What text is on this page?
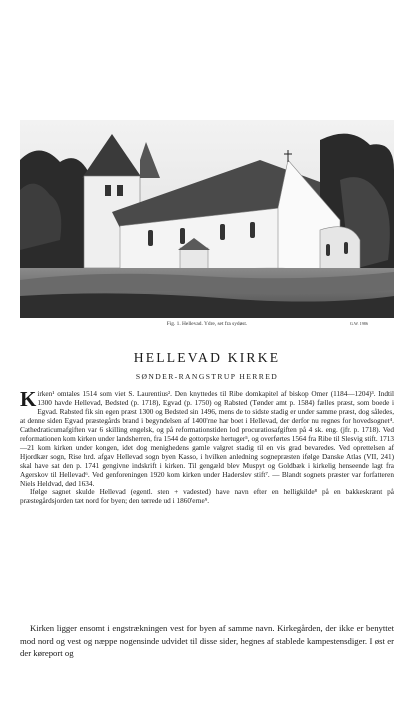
Fig. 1. Hellevad. Ydre, set fra sydøst.	G.W. 1986
HELLEVAD KIRKE
SØNDER-RANGSTRUP HERRED

Kirken¹ omtales 1514 som viet S. Laurentius². Den knyttedes til Ribe domkapitel af biskop Omer (1184—1204)³. Indtil 1300 havde Hellevad, Bedsted (p. 1718), Egvad (p. 1750) og Rabsted (Tønder amt p. 1584) fælles præst, som boede i Egvad. Rabsted fik sin egen præst 1300 og Bedsted sin 1496, mens de to sidste stadig er under samme præst, dog således, at denne siden Egvad præstegårds brand i begyndelsen af 1400'rne har boet i Hellevad, der derfor nu regnes for hovedsognet⁴. Cathedraticumafgiften var 6 skilling engelsk, og på reformationstiden lod procuratiosafgiften på 4 sk. eng. (jfr. p. 1718). Ved reformationen kom kirken under landsherren, fra 1544 de gottorpske hertuger⁵, og overførtes 1564 fra Ribe til Slesvig stift. 1713—21 kom kirken under kongen, idet dog menighedens gamle valgret stadig til en vis grad bevaredes. Ved oprettelsen af Hjordkær sogn, Rise hrd. afgav Hellevad sogn byen Kasso, i hvilken anledning sognepræsten ifølge Danske Atlas (VII, 241) skal have sat den p. 1741 gengivne indskrift i kirken. Til gengæld blev Muspyt og Goldbæk i kirkelig henseende lagt fra Agerskov til Hellevad⁶. Ved genforeningen 1920 kom kirken under Haderslev stift⁷. — Blandt sognets præster var forfatteren Niels Heldvad, død 1634.

Ifølge sagnet skulde Hellevad (egentl. sten + vadested) have navn efter en helligkilde⁸ på en bakkeskrænt på præstegårdsjorden tæt nord for byen; den tørrede ud i 1860'erne⁹.

Kirken ligger ensomt i engstrækningen vest for byen af samme navn. Kirkegården, der ikke er benyttet mod nord og vest og næppe nogensinde udvidet til disse sider, hegnes af stablede kampestensdiger. I øst er der køreport og
